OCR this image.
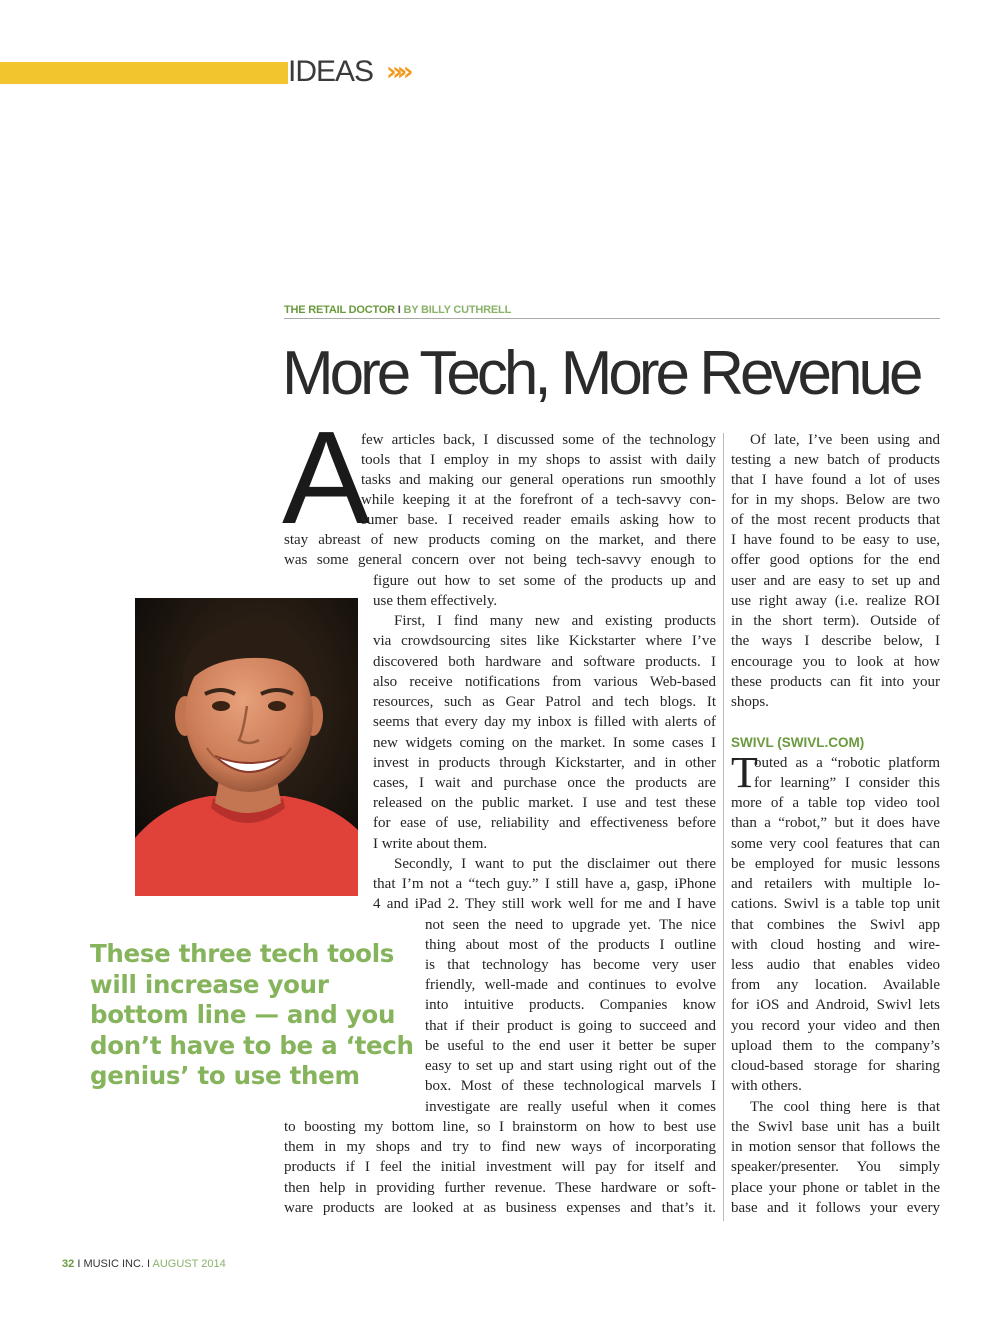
IDEAS »»
THE RETAIL DOCTOR I BY BILLY CUTHRELL
More Tech, More Revenue
A
few articles back, I discussed some of the technology
tools that I employ in my shops to assist with daily
tasks and making our general operations run smoothly
while keeping it at the forefront of a tech-savvy con-
sumer base. I received reader emails asking how to
stay abreast of new products coming on the market, and there
was some general concern over not being tech-savvy enough to
figure out how to set some of the products up and
use them effectively.
First, I find many new and existing products
via crowdsourcing sites like Kickstarter where I’ve
discovered both hardware and software products. I
also receive notifications from various Web-based
resources, such as Gear Patrol and tech blogs. It
seems that every day my inbox is filled with alerts of
new widgets coming on the market. In some cases I
invest in products through Kickstarter, and in other
cases, I wait and purchase once the products are
released on the public market. I use and test these
for ease of use, reliability and effectiveness before
I write about them.
Secondly, I want to put the disclaimer out there
that I’m not a “tech guy.” I still have a, gasp, iPhone
4 and iPad 2. They still work well for me and I have
not seen the need to upgrade yet. The nice
thing about most of the products I outline
is that technology has become very user
friendly, well-made and continues to evolve
into intuitive products. Companies know
that if their product is going to succeed and
be useful to the end user it better be super
easy to set up and start using right out of the
box. Most of these technological marvels I
investigate are really useful when it comes
to boosting my bottom line, so I brainstorm on how to best use
them in my shops and try to find new ways of incorporating
products if I feel the initial investment will pay for itself and
then help in providing further revenue. These hardware or soft-
ware products are looked at as business expenses and that’s it.
Of late, I’ve been using and
testing a new batch of products
that I have found a lot of uses
for in my shops. Below are two
of the most recent products that
I have found to be easy to use,
offer good options for the end
user and are easy to set up and
use right away (i.e. realize ROI
in the short term). Outside of
the ways I describe below, I
encourage you to look at how
these products can fit into your
shops.
SWIVL (SWIVL.COM)
T
outed as a “robotic platform
for learning” I consider this
more of a table top video tool
than a “robot,” but it does have
some very cool features that can
be employed for music lessons
and retailers with multiple lo-
cations. Swivl is a table top unit
that combines the Swivl app
with cloud hosting and wire-
less audio that enables video
from any location. Available
for iOS and Android, Swivl lets
you record your video and then
upload them to the company’s
cloud-based storage for sharing
with others.
The cool thing here is that
the Swivl base unit has a built
in motion sensor that follows the
speaker/presenter. You simply
place your phone or tablet in the
base and it follows your every
These three tech tools
will increase your
bottom line — and you
don’t have to be a ‘tech
genius’ to use them
32 I MUSIC INC. I AUGUST 2014
